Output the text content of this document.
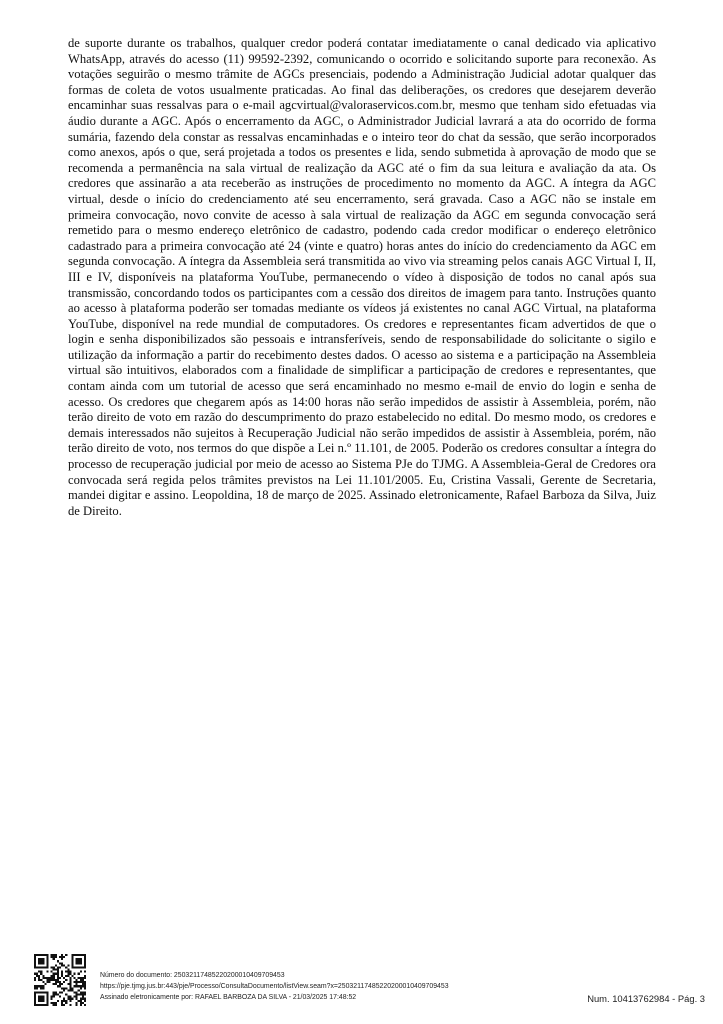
de suporte durante os trabalhos, qualquer credor poderá contatar imediatamente o canal dedicado via aplicativo WhatsApp, através do acesso (11) 99592-2392, comunicando o ocorrido e solicitando suporte para reconexão. As votações seguirão o mesmo trâmite de AGCs presenciais, podendo a Administração Judicial adotar qualquer das formas de coleta de votos usualmente praticadas. Ao final das deliberações, os credores que desejarem deverão encaminhar suas ressalvas para o e-mail agcvirtual@valoraservicos.com.br, mesmo que tenham sido efetuadas via áudio durante a AGC. Após o encerramento da AGC, o Administrador Judicial lavrará a ata do ocorrido de forma sumária, fazendo dela constar as ressalvas encaminhadas e o inteiro teor do chat da sessão, que serão incorporados como anexos, após o que, será projetada a todos os presentes e lida, sendo submetida à aprovação de modo que se recomenda a permanência na sala virtual de realização da AGC até o fim da sua leitura e avaliação da ata. Os credores que assinarão a ata receberão as instruções de procedimento no momento da AGC. A íntegra da AGC virtual, desde o início do credenciamento até seu encerramento, será gravada. Caso a AGC não se instale em primeira convocação, novo convite de acesso à sala virtual de realização da AGC em segunda convocação será remetido para o mesmo endereço eletrônico de cadastro, podendo cada credor modificar o endereço eletrônico cadastrado para a primeira convocação até 24 (vinte e quatro) horas antes do início do credenciamento da AGC em segunda convocação. A íntegra da Assembleia será transmitida ao vivo via streaming pelos canais AGC Virtual I, II, III e IV, disponíveis na plataforma YouTube, permanecendo o vídeo à disposição de todos no canal após sua transmissão, concordando todos os participantes com a cessão dos direitos de imagem para tanto. Instruções quanto ao acesso à plataforma poderão ser tomadas mediante os vídeos já existentes no canal AGC Virtual, na plataforma YouTube, disponível na rede mundial de computadores. Os credores e representantes ficam advertidos de que o login e senha disponibilizados são pessoais e intransferíveis, sendo de responsabilidade do solicitante o sigilo e utilização da informação a partir do recebimento destes dados. O acesso ao sistema e a participação na Assembleia virtual são intuitivos, elaborados com a finalidade de simplificar a participação de credores e representantes, que contam ainda com um tutorial de acesso que será encaminhado no mesmo e-mail de envio do login e senha de acesso. Os credores que chegarem após as 14:00 horas não serão impedidos de assistir à Assembleia, porém, não terão direito de voto em razão do descumprimento do prazo estabelecido no edital. Do mesmo modo, os credores e demais interessados não sujeitos à Recuperação Judicial não serão impedidos de assistir à Assembleia, porém, não terão direito de voto, nos termos do que dispõe a Lei n.º 11.101, de 2005. Poderão os credores consultar a íntegra do processo de recuperação judicial por meio de acesso ao Sistema PJe do TJMG. A Assembleia-Geral de Credores ora convocada será regida pelos trâmites previstos na Lei 11.101/2005. Eu, Cristina Vassali, Gerente de Secretaria, mandei digitar e assino. Leopoldina, 18 de março de 2025. Assinado eletronicamente, Rafael Barboza da Silva, Juiz de Direito.

Número do documento: 25032117485220200010409709453
https://pje.tjmg.jus.br:443/pje/Processo/ConsultaDocumento/listView.seam?x=25032117485220200010409709453
Assinado eletronicamente por: RAFAEL BARBOZA DA SILVA - 21/03/2025 17:48:52	Num. 10413762984 - Pág. 3
